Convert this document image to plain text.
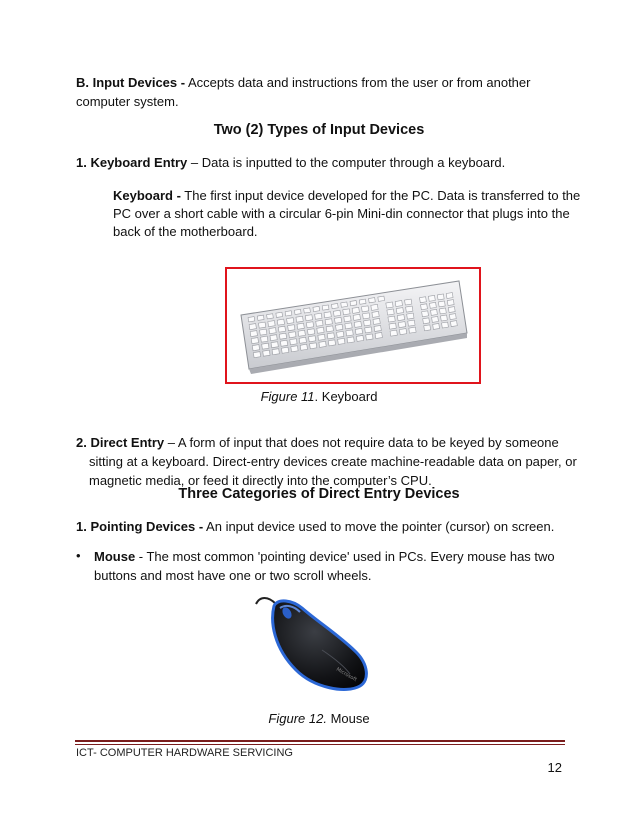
B. Input Devices - Accepts data and instructions from the user or from another

computer system.

Two (2) Types of Input Devices

1. Keyboard Entry – Data is inputted to the computer through a keyboard.

Keyboard - The first input device developed for the PC. Data is transferred to the

PC over a short cable with a circular 6-pin Mini-din connector that plugs into the

back of the motherboard.

Figure 11. Keyboard

2. Direct Entry – A form of input that does not require data to be keyed by someone

sitting at a keyboard. Direct-entry devices create machine-readable data on paper, or

magnetic media, or feed it directly into the computer’s CPU.

Three Categories of Direct Entry Devices

1. Pointing Devices - An input device used to move the pointer (cursor) on screen.

• Mouse - The most common 'pointing device' used in PCs. Every mouse has two

buttons and most have one or two scroll wheels.

Microsoft
Figure 12. Mouse
ICT- COMPUTER HARDWARE SERVICING
12
